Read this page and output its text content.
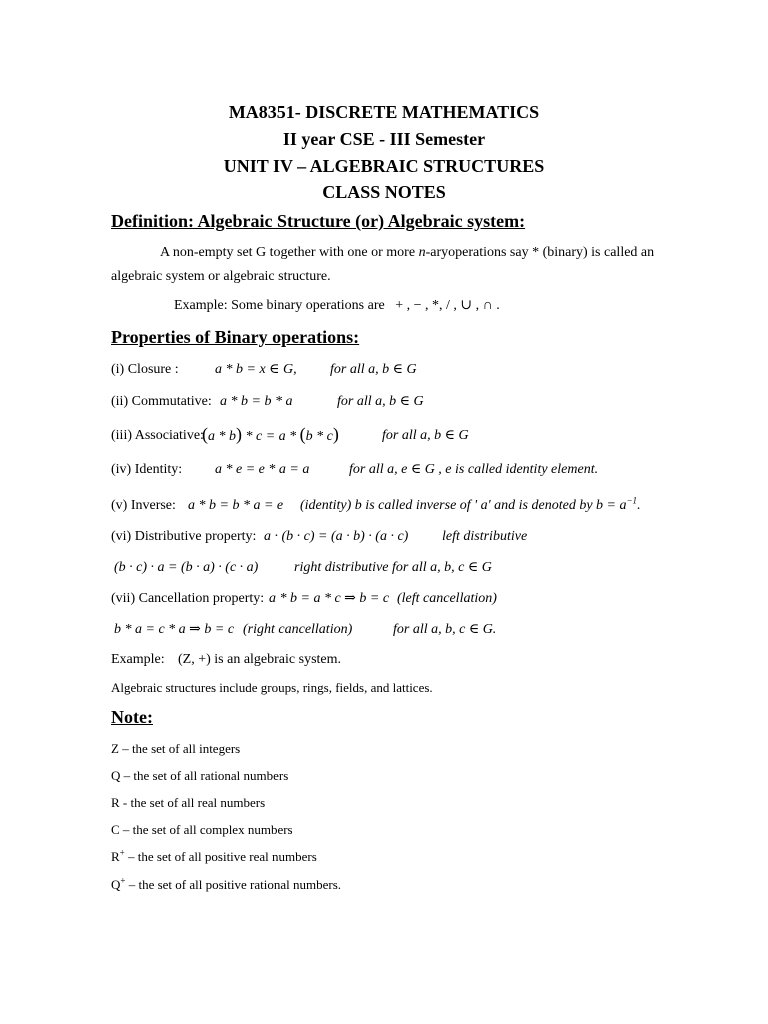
MA8351- DISCRETE MATHEMATICS
II year CSE - III Semester
UNIT IV – ALGEBRAIC STRUCTURES
CLASS NOTES
Definition: Algebraic Structure (or) Algebraic system:
A non-empty set G together with one or more n-aryoperations say * (binary) is called an
algebraic system or algebraic structure.
Example: Some binary operations are + , − , *, / , ∪ , ∩ .
Properties of Binary operations:
(i) Closure :	a * b = x ∈ G, for all a, b ∈ G
(ii) Commutative: a * b = b * a	for all a, b ∈ G
(iii) Associative:
(a * b) * c = a * (b * c)	for all a, b ∈ G
(iv) Identity: a * e = e * a = a	for all a, e ∈ G , e is called identity element.
(v) Inverse: a * b = b * a = e (identity) b is called inverse of ' a' and is denoted by $b = a^{-1}$.
(vi) Distributive property: a · (b · c) = (a · b) · (a · c) left distributive
(b · c) · a = (b · a) · (c · a)	right distributive for all a, b, c ∈ G
(vii) Cancellation property: a * b = a * c ⇒ b = c (left cancellation)
b * a = c * a ⇒ b = c (right cancellation)	for all a, b, c ∈ G.
Example: (Z, +) is an algebraic system.
Algebraic structures include groups, rings, fields, and lattices.
Note:
Z – the set of all integers
Q – the set of all rational numbers
R - the set of all real numbers
C – the set of all complex numbers
R+ – the set of all positive real numbers
Q+ – the set of all positive rational numbers.
